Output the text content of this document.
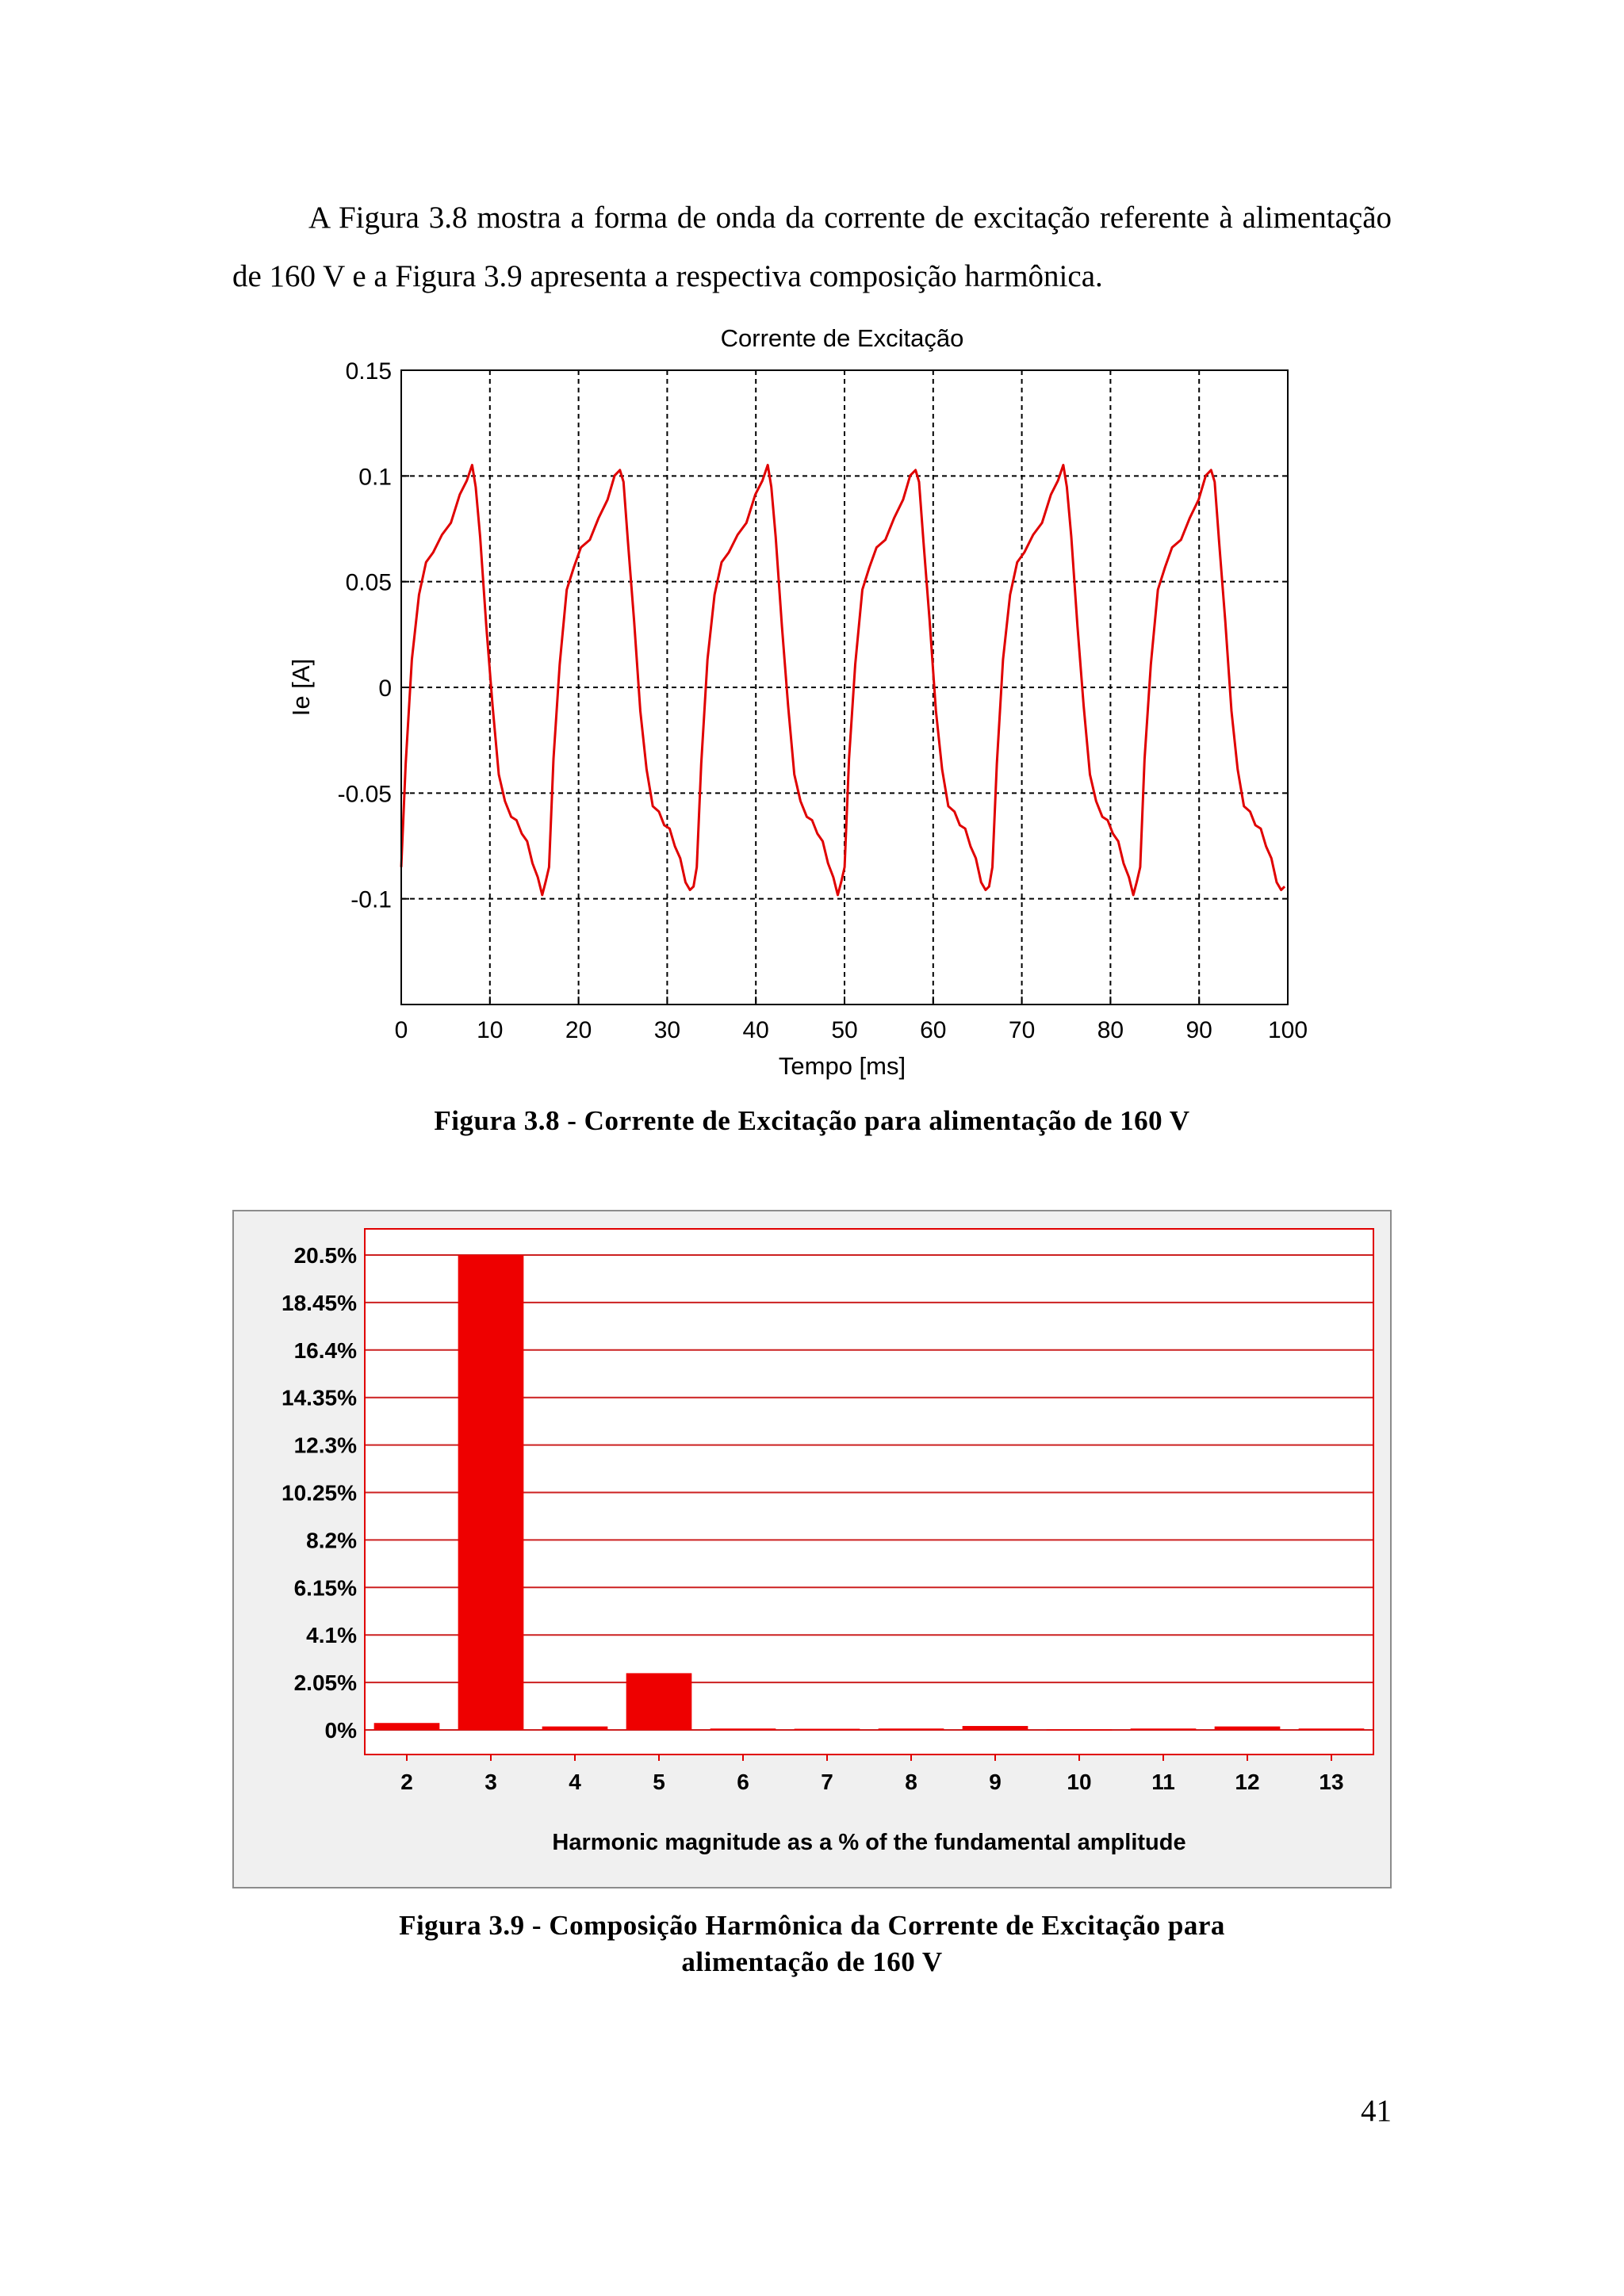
A Figura 3.8 mostra a forma de onda da corrente de excitação referente à alimentação de 160 V e a Figura 3.9 apresenta a respectiva composição harmônica.
Corrente de Excitação
0	10	20	30	40	50	60	70	80	90 100
0.15
0.1
0.05
0
-0.05
-0.1
Tempo [ms]
Ie [A]
Figura 3.8 - Corrente de Excitação para alimentação de 160 V
20.5%
18.45%
16.4%
14.35%
12.3%
10.25%
8.2%
6.15%
4.1%
2.05%
0%
2	3	4	5	6	7	8	9	10	11	12	13
Harmonic magnitude as a % of the fundamental amplitude
Figura 3.9 - Composição Harmônica da Corrente de Excitação para
alimentação de 160 V
41
